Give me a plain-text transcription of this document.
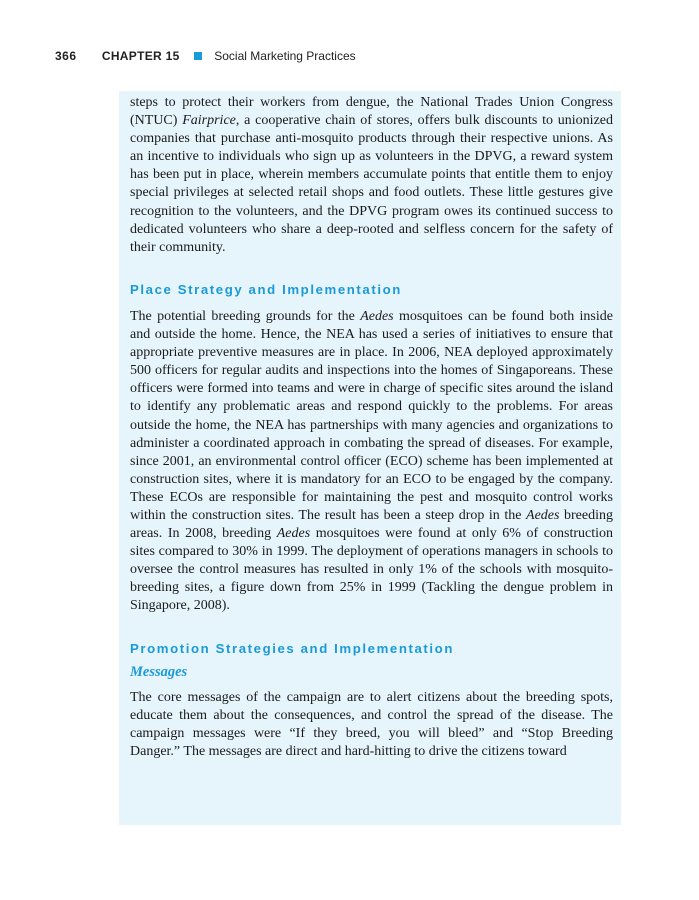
366 CHAPTER 15	Social Marketing Practices

steps to protect their workers from dengue, the National Trades Union Congress (NTUC) Fairprice, a cooperative chain of stores, offers bulk discounts to unionized companies that purchase anti-mosquito products through their respective unions. As an incentive to individuals who sign up as volunteers in the DPVG, a reward system has been put in place, wherein members accumulate points that entitle them to enjoy special privileges at selected retail shops and food outlets. These little gestures give recognition to the volunteers, and the DPVG program owes its continued success to dedicated volunteers who share a deep-rooted and selfless concern for the safety of their community.

Place Strategy and Implementation

The potential breeding grounds for the Aedes mosquitoes can be found both inside and outside the home. Hence, the NEA has used a series of initiatives to ensure that appropriate preventive measures are in place. In 2006, NEA deployed approximately 500 officers for regular audits and inspections into the homes of Singaporeans. These officers were formed into teams and were in charge of specific sites around the island to identify any problematic areas and respond quickly to the problems. For areas outside the home, the NEA has partnerships with many agencies and organizations to administer a coordinated approach in combating the spread of diseases. For example, since 2001, an environmental control officer (ECO) scheme has been implemented at construction sites, where it is mandatory for an ECO to be engaged by the company. These ECOs are responsible for maintaining the pest and mosquito control works within the construction sites. The result has been a steep drop in the Aedes breeding areas. In 2008, breeding Aedes mosquitoes were found at only 6% of construction sites compared to 30% in 1999. The deployment of operations managers in schools to oversee the control measures has resulted in only 1% of the schools with mosquito-breeding sites, a figure down from 25% in 1999 (Tackling the dengue problem in Singapore, 2008).

Promotion Strategies and Implementation
Messages

The core messages of the campaign are to alert citizens about the breeding spots, educate them about the consequences, and control the spread of the disease. The campaign messages were “If they breed, you will bleed” and “Stop Breeding Danger.” The messages are direct and hard-hitting to drive the citizens toward
